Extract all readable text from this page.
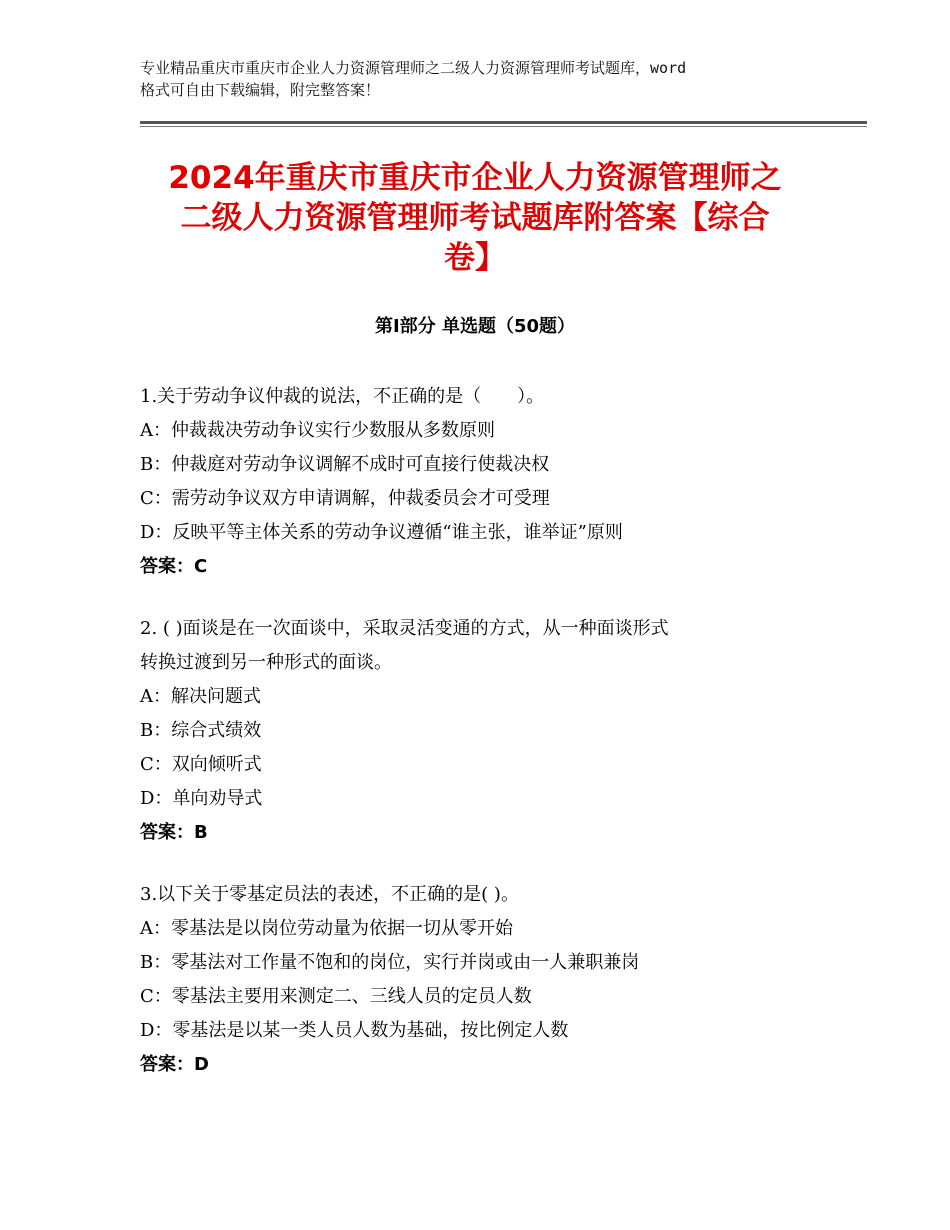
专业精品重庆市重庆市企业人力资源管理师之二级人力资源管理师考试题库，word
格式可自由下载编辑，附完整答案！
2024年重庆市重庆市企业人力资源管理师之
二级人力资源管理师考试题库附答案【综合
卷】
第Ⅰ部分 单选题（50题）
1.关于劳动争议仲裁的说法，不正确的是（　　）。
A：仲裁裁决劳动争议实行少数服从多数原则
B：仲裁庭对劳动争议调解不成时可直接行使裁决权
C：需劳动争议双方申请调解，仲裁委员会才可受理
D：反映平等主体关系的劳动争议遵循“谁主张，谁举证”原则
答案：C
2. ( )面谈是在一次面谈中，采取灵活变通的方式，从一种面谈形式
转换过渡到另一种形式的面谈。
A：解决问题式
B：综合式绩效
C：双向倾听式
D：单向劝导式
答案：B
3.以下关于零基定员法的表述，不正确的是( )。
A：零基法是以岗位劳动量为依据一切从零开始
B：零基法对工作量不饱和的岗位，实行并岗或由一人兼职兼岗
C：零基法主要用来测定二、三线人员的定员人数
D：零基法是以某一类人员人数为基础，按比例定人数
答案：D
